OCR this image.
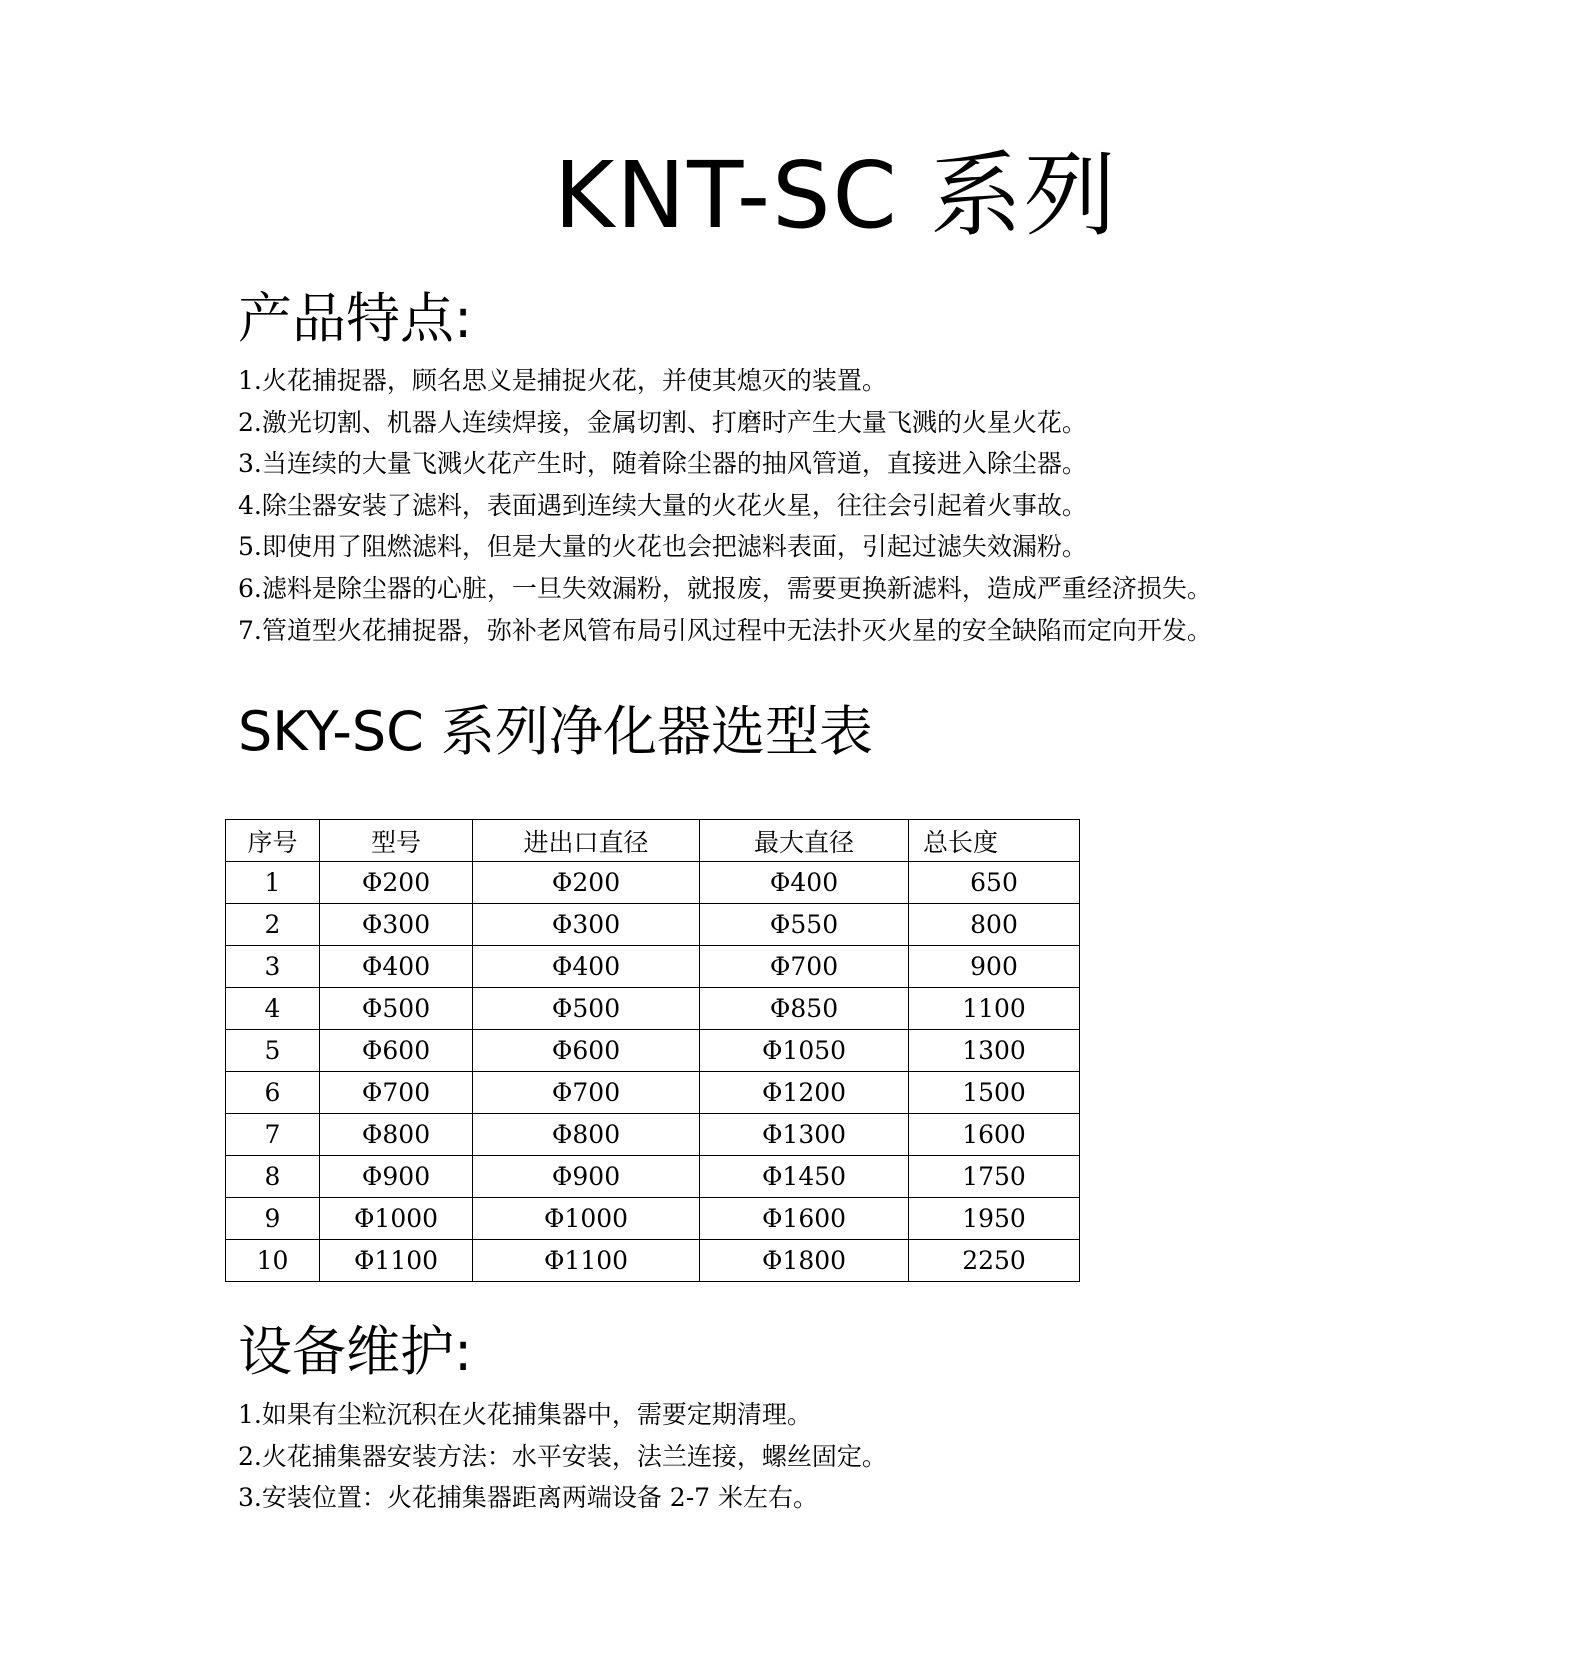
KNT-SC 系列
产品特点:
1.火花捕捉器，顾名思义是捕捉火花，并使其熄灭的装置。
2.激光切割、机器人连续焊接，金属切割、打磨时产生大量飞溅的火星火花。
3.当连续的大量飞溅火花产生时，随着除尘器的抽风管道，直接进入除尘器。
4.除尘器安装了滤料，表面遇到连续大量的火花火星，往往会引起着火事故。
5.即使用了阻燃滤料，但是大量的火花也会把滤料表面，引起过滤失效漏粉。
6.滤料是除尘器的心脏，一旦失效漏粉，就报废，需要更换新滤料，造成严重经济损失。
7.管道型火花捕捉器，弥补老风管布局引风过程中无法扑灭火星的安全缺陷而定向开发。
SKY-SC 系列净化器选型表
序号	型号	进出口直径	最大直径	总长度
1	Φ200	Φ200	Φ400	650
2	Φ300	Φ300	Φ550	800
3	Φ400	Φ400	Φ700	900
4	Φ500	Φ500	Φ850	1100
5	Φ600	Φ600	Φ1050	1300
6	Φ700	Φ700	Φ1200	1500
7	Φ800	Φ800	Φ1300	1600
8	Φ900	Φ900	Φ1450	1750
9	Φ1000	Φ1000	Φ1600	1950
10	Φ1100	Φ1100	Φ1800	2250
设备维护:
1.如果有尘粒沉积在火花捕集器中，需要定期清理。
2.火花捕集器安装方法：水平安装，法兰连接，螺丝固定。
3.安装位置：火花捕集器距离两端设备 2-7 米左右。
